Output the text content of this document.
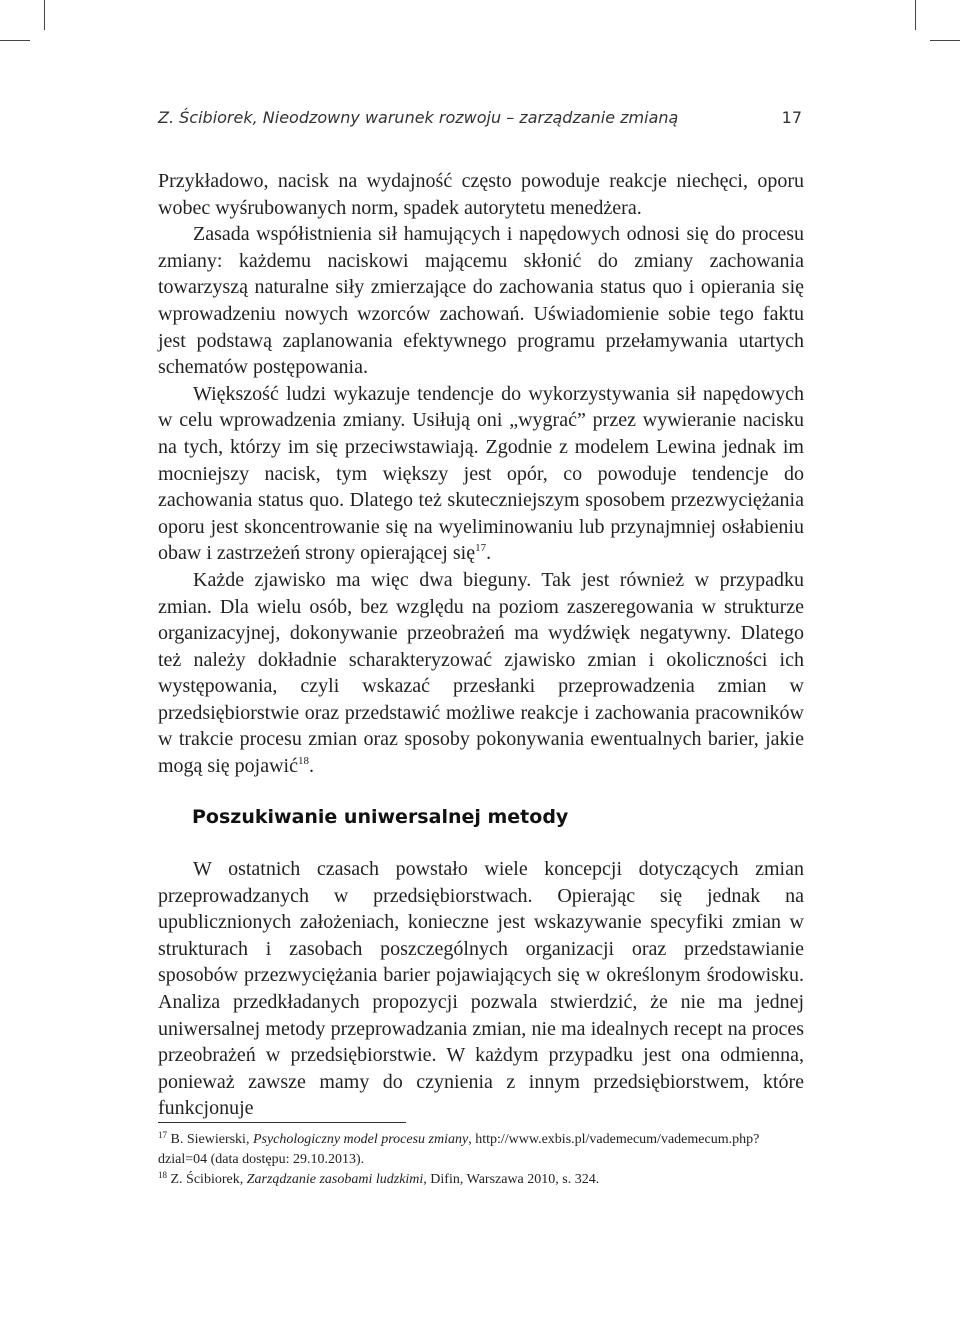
Z. Ścibiorek, Nieodzowny warunek rozwoju – zarządzanie zmianą	17

Przykładowo, nacisk na wydajność często powoduje reakcje niechęci, oporu wobec wyśrubowanych norm, spadek autorytetu menedżera.

Zasada współistnienia sił hamujących i napędowych odnosi się do procesu zmiany: każdemu naciskowi mającemu skłonić do zmiany zachowania towarzyszą naturalne siły zmierzające do zachowania status quo i opierania się wprowadzeniu nowych wzorców zachowań. Uświadomienie sobie tego faktu jest podstawą zaplanowania efektywnego programu przełamywania utartych schematów postępowania.

Większość ludzi wykazuje tendencje do wykorzystywania sił napędowych w celu wprowadzenia zmiany. Usiłują oni „wygrać” przez wywieranie nacisku na tych, którzy im się przeciwstawiają. Zgodnie z modelem Lewina jednak im mocniejszy nacisk, tym większy jest opór, co powoduje tendencje do zachowania status quo. Dlatego też skuteczniejszym sposobem przezwyciężania oporu jest skoncentrowanie się na wyeliminowaniu lub przynajmniej osłabieniu obaw i zastrzeżeń strony opierającej się$^{17}$.

Każde zjawisko ma więc dwa bieguny. Tak jest również w przypadku zmian. Dla wielu osób, bez względu na poziom zaszeregowania w strukturze organizacyjnej, dokonywanie przeobrażeń ma wydźwięk negatywny. Dlatego też należy dokładnie scharakteryzować zjawisko zmian i okoliczności ich występowania, czyli wskazać przesłanki przeprowadzenia zmian w przedsiębiorstwie oraz przedstawić możliwe reakcje i zachowania pracowników w trakcie procesu zmian oraz sposoby pokonywania ewentualnych barier, jakie mogą się pojawić$^{18}$.

Poszukiwanie uniwersalnej metody

W ostatnich czasach powstało wiele koncepcji dotyczących zmian przeprowadzanych w przedsiębiorstwach. Opierając się jednak na upublicznionych założeniach, konieczne jest wskazywanie specyfiki zmian w strukturach i zasobach poszczególnych organizacji oraz przedstawianie sposobów przezwyciężania barier pojawiających się w określonym środowisku. Analiza przedkładanych propozycji pozwala stwierdzić, że nie ma jednej uniwersalnej metody przeprowadzania zmian, nie ma idealnych recept na proces przeobrażeń w przedsiębiorstwie. W każdym przypadku jest ona odmienna, ponieważ zawsze mamy do czynienia z innym przedsiębiorstwem, które funkcjonuje

$^{17}$ B. Siewierski, Psychologiczny model procesu zmiany, http://www.exbis.pl/vademecum/vademecum.php?dzial=04 (data dostępu: 29.10.2013).

$^{18}$ Z. Ścibiorek, Zarządzanie zasobami ludzkimi, Difin, Warszawa 2010, s. 324.
